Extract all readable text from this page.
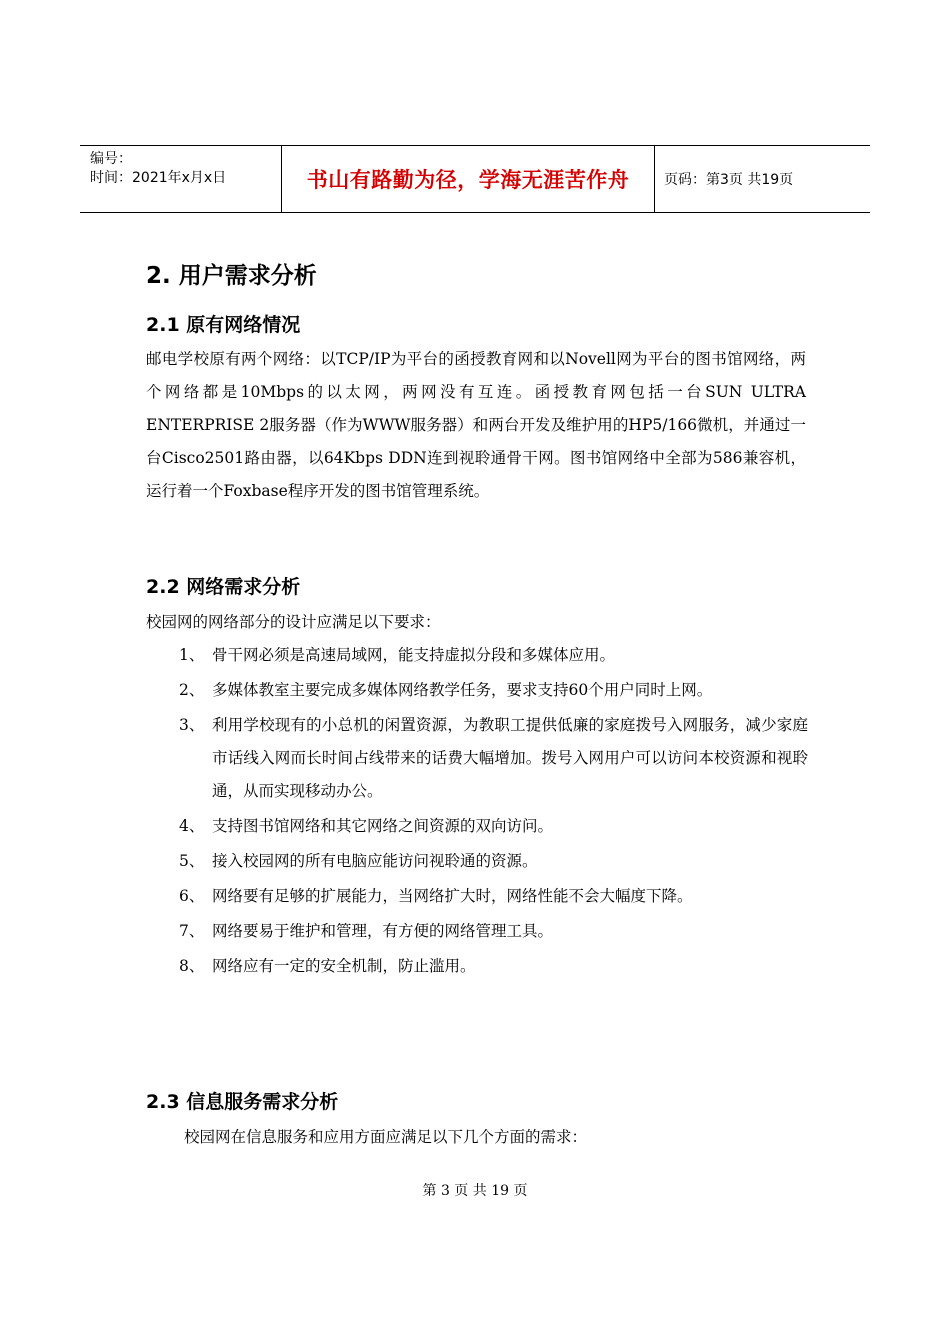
编号：
时间：2021年x月x日	书山有路勤为径，学海无涯苦作舟	页码：第3页 共19页
2. 用户需求分析
2.1 原有网络情况
邮电学校原有两个网络：以TCP/IP为平台的函授教育网和以Novell网为平台的图书馆网络，两个网络都是10Mbps的以太网，两网没有互连。函授教育网包括一台SUN ULTRA ENTERPRISE 2服务器（作为WWW服务器）和两台开发及维护用的HP5/166微机，并通过一台Cisco2501路由器，以64Kbps DDN连到视聆通骨干网。图书馆网络中全部为586兼容机，运行着一个Foxbase程序开发的图书馆管理系统。
2.2 网络需求分析
校园网的网络部分的设计应满足以下要求：
1、 骨干网必须是高速局域网，能支持虚拟分段和多媒体应用。
2、 多媒体教室主要完成多媒体网络教学任务，要求支持60个用户同时上网。
3、 利用学校现有的小总机的闲置资源，为教职工提供低廉的家庭拨号入网服务，减少家庭市话线入网而长时间占线带来的话费大幅增加。拨号入网用户可以访问本校资源和视聆通，从而实现移动办公。
4、 支持图书馆网络和其它网络之间资源的双向访问。
5、 接入校园网的所有电脑应能访问视聆通的资源。
6、 网络要有足够的扩展能力，当网络扩大时，网络性能不会大幅度下降。
7、 网络要易于维护和管理，有方便的网络管理工具。
8、 网络应有一定的安全机制，防止滥用。
2.3 信息服务需求分析
校园网在信息服务和应用方面应满足以下几个方面的需求：
第 3 页 共 19 页
